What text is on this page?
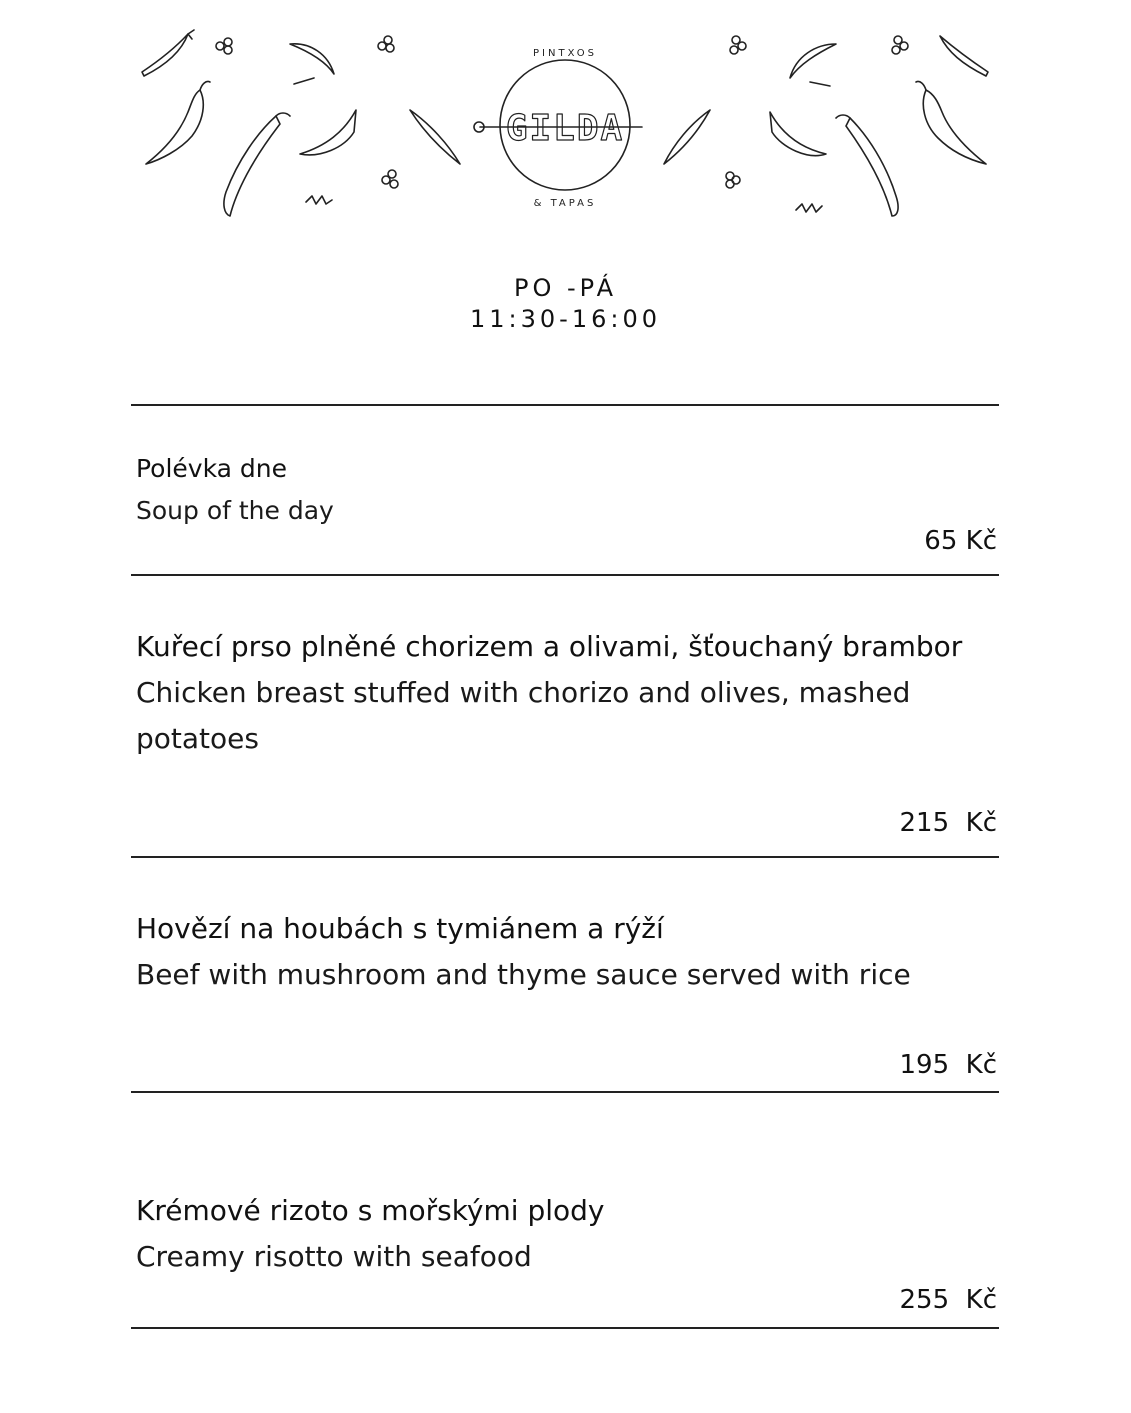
PINTXOS
GILDA
& TAPAS
PO -PÁ
11:30-16:00
Polévka dne
Soup of the day
65 Kč
Kuřecí prso plněné chorizem a olivami, šťouchaný brambor
Chicken breast stuffed with chorizo and olives, mashed potatoes
215  Kč
Hovězí na houbách s tymiánem a rýží
Beef with mushroom and thyme sauce served with rice
195  Kč
Krémové rizoto s mořskými plody
Creamy risotto with seafood
255  Kč
